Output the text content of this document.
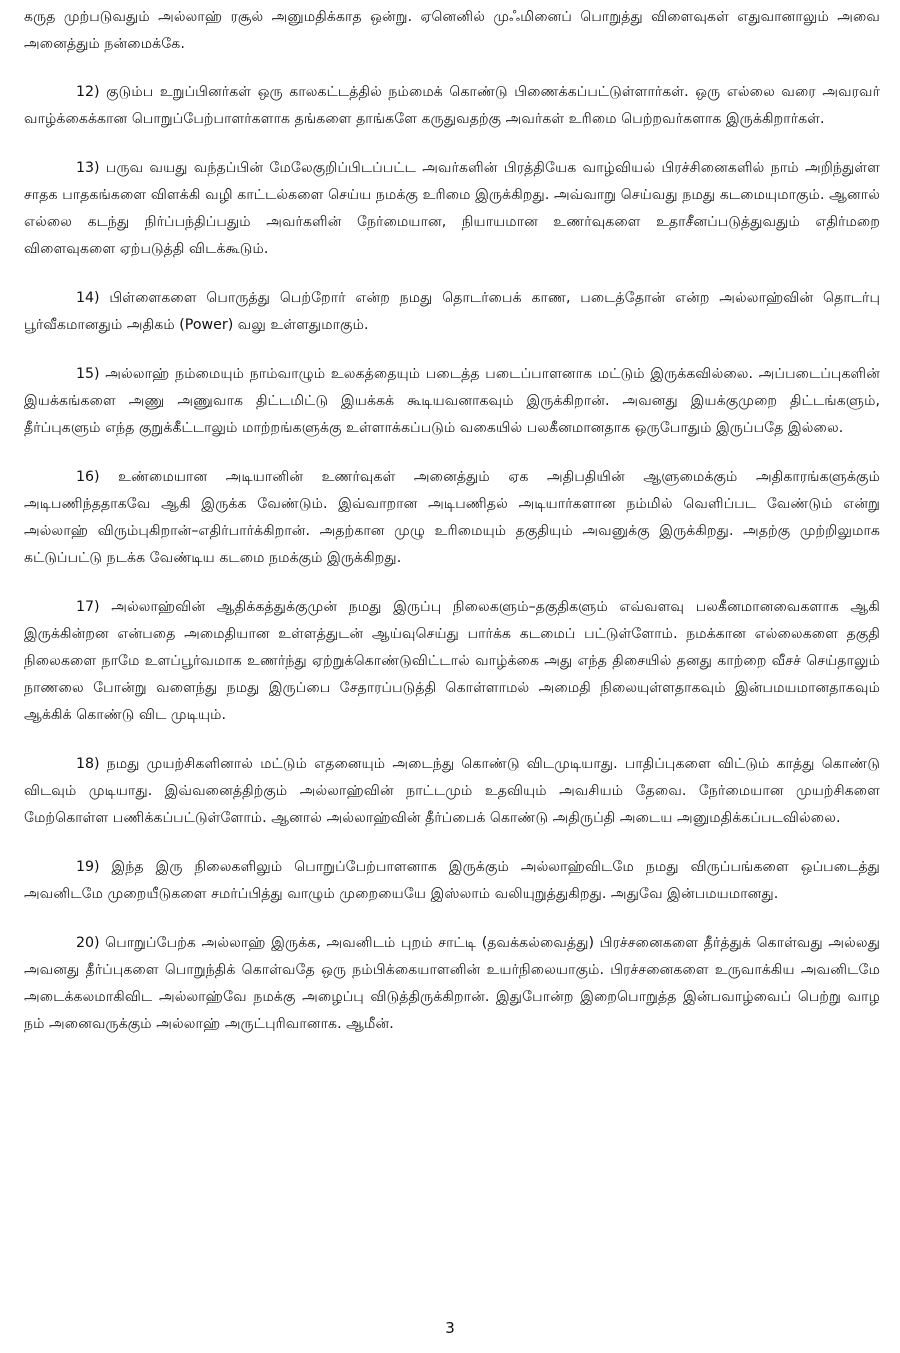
கருத முற்படுவதும் அல்லாஹ் ரசூல் அனுமதிக்காத ஒன்று. ஏனெனில் முஃமினைப் பொறுத்து விளைவுகள் எதுவானாலும் அவை அனைத்தும் நன்மைக்கே.

12) குடும்ப உறுப்பினர்கள் ஒரு காலகட்டத்தில் நம்மைக் கொண்டு பிணைக்கப்பட்டுள்ளார்கள். ஒரு எல்லை வரை அவரவர் வாழ்க்கைக்கான பொறுப்பேற்பாளர்களாக தங்களை தாங்களே கருதுவதற்கு அவர்கள் உரிமை பெற்றவர்களாக இருக்கிறார்கள்.

13) பருவ வயது வந்தப்பின் மேலேகுறிப்பிடப்பட்ட அவர்களின் பிரத்தியேக வாழ்வியல் பிரச்சினைகளில் நாம் அறிந்துள்ள சாதக பாதகங்களை விளக்கி வழி காட்டல்களை செய்ய நமக்கு உரிமை இருக்கிறது. அவ்வாறு செய்வது நமது கடமையுமாகும். ஆனால் எல்லை கடந்து நிர்ப்பந்திப்பதும் அவர்களின் நேர்மையான, நியாயமான உணர்வுகளை உதாசீனப்படுத்துவதும் எதிர்மறை விளைவுகளை ஏற்படுத்தி விடக்கூடும்.

14) பிள்ளைகளை பொருத்து பெற்றோர் என்ற நமது தொடர்பைக் காண, படைத்தோன் என்ற அல்லாஹ்வின் தொடர்பு பூர்வீகமானதும் அதிகம் (Power) வலு உள்ளதுமாகும்.

15) அல்லாஹ் நம்மையும் நாம்வாழும் உலகத்தையும் படைத்த படைப்பாளனாக மட்டும் இருக்கவில்லை. அப்படைப்புகளின் இயக்கங்களை அணு அணுவாக திட்டமிட்டு இயக்கக் கூடியவனாகவும் இருக்கிறான். அவனது இயக்குமுறை திட்டங்களும், தீர்ப்புகளும் எந்த குறுக்கீட்டாலும் மாற்றங்களுக்கு உள்ளாக்கப்படும் வகையில் பலகீனமானதாக ஒருபோதும் இருப்பதே இல்லை.

16) உண்மையான அடியானின் உணர்வுகள் அனைத்தும் ஏக அதிபதியின் ஆளுமைக்கும் அதிகாரங்களுக்கும் அடிபணிந்ததாகவே ஆகி இருக்க வேண்டும். இவ்வாறான அடிபணிதல் அடியார்களான நம்மில் வெளிப்பட வேண்டும் என்று அல்லாஹ் விரும்புகிறான்–எதிர்பார்க்கிறான். அதற்கான முழு உரிமையும் தகுதியும் அவனுக்கு இருக்கிறது. அதற்கு முற்றிலுமாக கட்டுப்பட்டு நடக்க வேண்டிய கடமை நமக்கும் இருக்கிறது.

17) அல்லாஹ்வின் ஆதிக்கத்துக்குமுன் நமது இருப்பு நிலைகளும்–தகுதிகளும் எவ்வளவு பலகீனமானவைகளாக ஆகி இருக்கின்றன என்பதை அமைதியான உள்ளத்துடன் ஆய்வுசெய்து பார்க்க கடமைப் பட்டுள்ளோம். நமக்கான எல்லைகளை தகுதி நிலைகளை நாமே உளப்பூர்வமாக உணர்ந்து ஏற்றுக்கொண்டுவிட்டால் வாழ்க்கை அது எந்த திசையில் தனது காற்றை வீசச் செய்தாலும் நாணலை போன்று வளைந்து நமது இருப்பை சேதாரப்படுத்தி கொள்ளாமல் அமைதி நிலையுள்ளதாகவும் இன்பமயமானதாகவும் ஆக்கிக் கொண்டு விட முடியும்.

18) நமது முயற்சிகளினால் மட்டும் எதனையும் அடைந்து கொண்டு விடமுடியாது. பாதிப்புகளை விட்டும் காத்து கொண்டு விடவும் முடியாது. இவ்வனைத்திற்கும் அல்லாஹ்வின் நாட்டமும் உதவியும் அவசியம் தேவை. நேர்மையான முயற்சிகளை மேற்கொள்ள பணிக்கப்பட்டுள்ளோம். ஆனால் அல்லாஹ்வின் தீர்ப்பைக் கொண்டு அதிருப்தி அடைய அனுமதிக்கப்படவில்லை.

19) இந்த இரு நிலைகளிலும் பொறுப்பேற்பாளனாக இருக்கும் அல்லாஹ்விடமே நமது விருப்பங்களை ஒப்படைத்து அவனிடமே முறையீடுகளை சமர்ப்பித்து வாழும் முறையையே இஸ்லாம் வலியுறுத்துகிறது. அதுவே இன்பமயமானது.

20) பொறுப்பேற்க அல்லாஹ் இருக்க, அவனிடம் புறம் சாட்டி (தவக்கல்வைத்து) பிரச்சனைகளை தீர்த்துக் கொள்வது அல்லது அவனது தீர்ப்புகளை பொறுந்திக் கொள்வதே ஒரு நம்பிக்கையாளனின் உயர்நிலையாகும். பிரச்சனைகளை உருவாக்கிய அவனிடமே அடைக்கலமாகிவிட அல்லாஹ்வே நமக்கு அழைப்பு விடுத்திருக்கிறான். இதுபோன்ற இறைபொறுத்த இன்பவாழ்வைப் பெற்று வாழ நம் அனைவருக்கும் அல்லாஹ் அருட்புரிவானாக. ஆமீன்.

3
